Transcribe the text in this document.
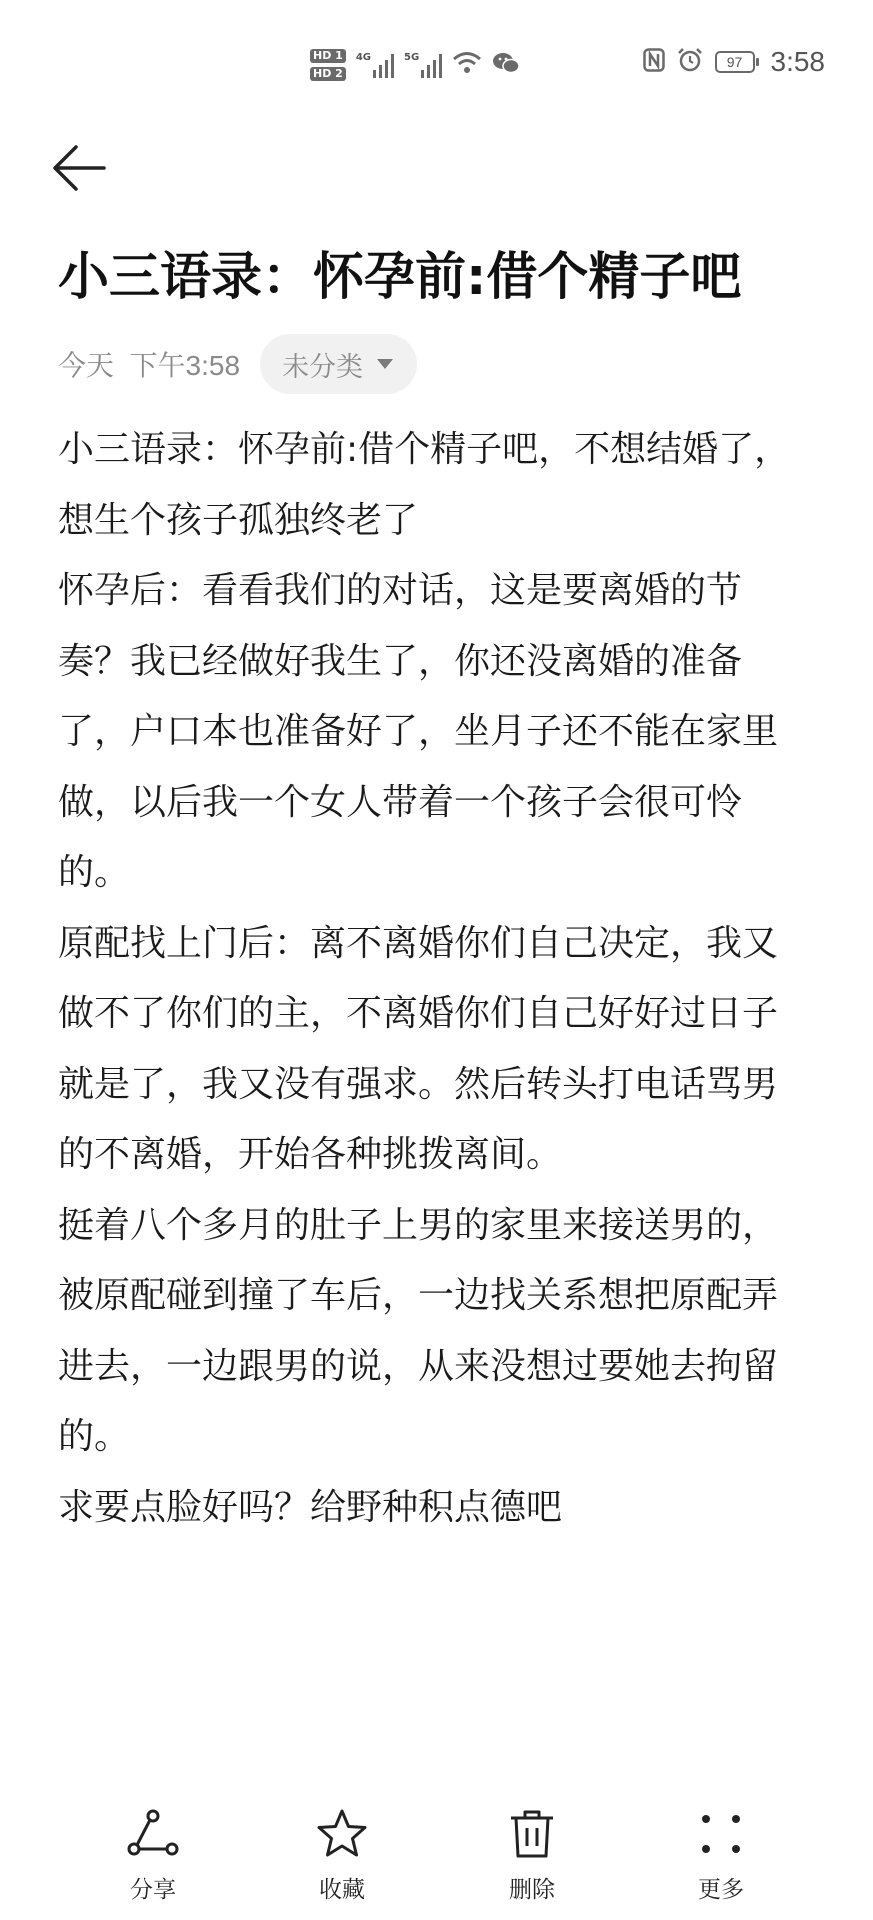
HD 1
HD 2
4G	5G	97 3:58
小三语录：怀孕前:借个精子吧
今天  下午3:58 未分类

小三语录：怀孕前:借个精子吧，不想结婚了，想生个孩子孤独终老了

怀孕后：看看我们的对话，这是要离婚的节奏？我已经做好我生了，你还没离婚的准备了，户口本也准备好了，坐月子还不能在家里做，以后我一个女人带着一个孩子会很可怜的。

原配找上门后：离不离婚你们自己决定，我又做不了你们的主，不离婚你们自己好好过日子就是了，我又没有强求。然后转头打电话骂男的不离婚，开始各种挑拨离间。

挺着八个多月的肚子上男的家里来接送男的，被原配碰到撞了车后，一边找关系想把原配弄进去，一边跟男的说，从来没想过要她去拘留的。

求要点脸好吗？给野种积点德吧

分享	收藏	删除	更多
